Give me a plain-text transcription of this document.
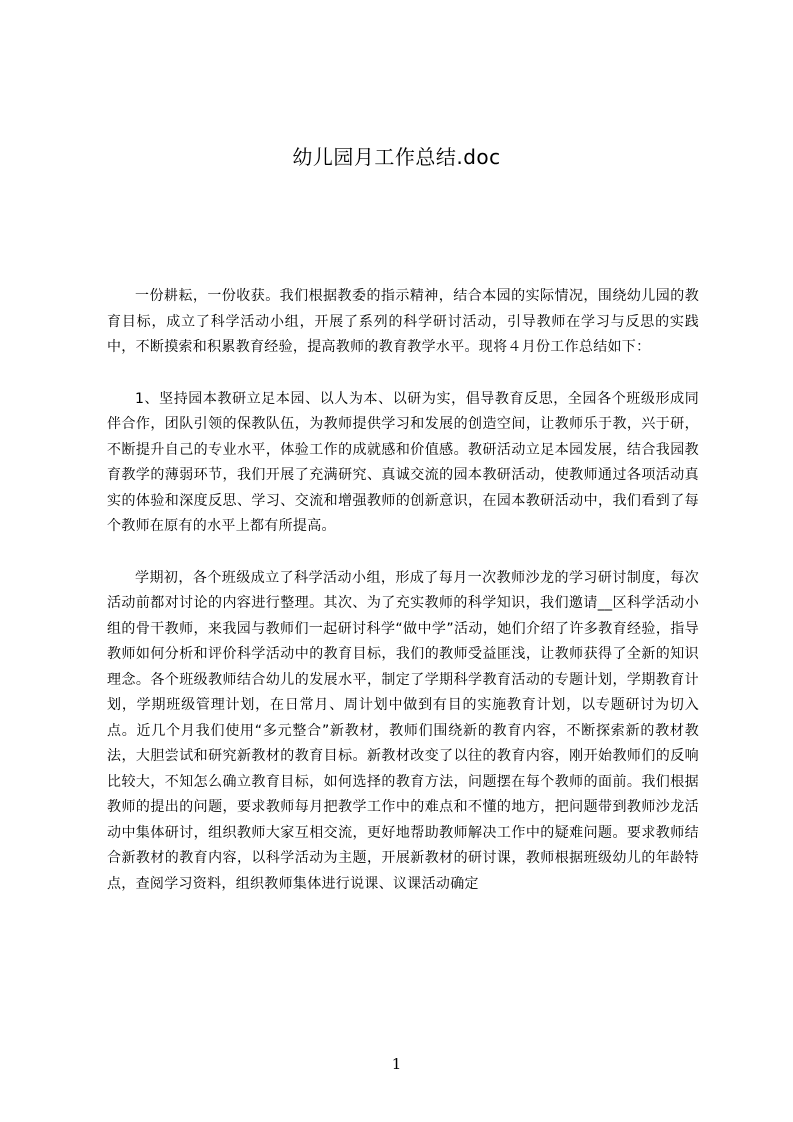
幼儿园月工作总结.doc

一份耕耘，一份收获。我们根据教委的指示精神，结合本园的实际情况，围绕幼儿园的教育目标，成立了科学活动小组，开展了系列的科学研讨活动，引导教师在学习与反思的实践中，不断摸索和积累教育经验，提高教师的教育教学水平。现将４月份工作总结如下：

1、坚持园本教研立足本园、以人为本、以研为实，倡导教育反思，全园各个班级形成同伴合作，团队引领的保教队伍，为教师提供学习和发展的创造空间，让教师乐于教，兴于研，不断提升自己的专业水平，体验工作的成就感和价值感。教研活动立足本园发展，结合我园教育教学的薄弱环节，我们开展了充满研究、真诚交流的园本教研活动，使教师通过各项活动真实的体验和深度反思、学习、交流和增强教师的创新意识，在园本教研活动中，我们看到了每个教师在原有的水平上都有所提高。

学期初，各个班级成立了科学活动小组，形成了每月一次教师沙龙的学习研讨制度，每次活动前都对讨论的内容进行整理。其次、为了充实教师的科学知识，我们邀请__区科学活动小组的骨干教师，来我园与教师们一起研讨科学“做中学”活动，她们介绍了许多教育经验，指导教师如何分析和评价科学活动中的教育目标，我们的教师受益匪浅，让教师获得了全新的知识理念。各个班级教师结合幼儿的发展水平，制定了学期科学教育活动的专题计划，学期教育计划，学期班级管理计划，在日常月、周计划中做到有目的实施教育计划，以专题研讨为切入点。近几个月我们使用“多元整合”新教材，教师们围绕新的教育内容，不断探索新的教材教法，大胆尝试和研究新教材的教育目标。新教材改变了以往的教育内容，刚开始教师们的反响比较大，不知怎么确立教育目标，如何选择的教育方法，问题摆在每个教师的面前。我们根据教师的提出的问题，要求教师每月把教学工作中的难点和不懂的地方，把问题带到教师沙龙活动中集体研讨，组织教师大家互相交流，更好地帮助教师解决工作中的疑难问题。要求教师结合新教材的教育内容，以科学活动为主题，开展新教材的研讨课，教师根据班级幼儿的年龄特点，查阅学习资料，组织教师集体进行说课、议课活动确定

1
